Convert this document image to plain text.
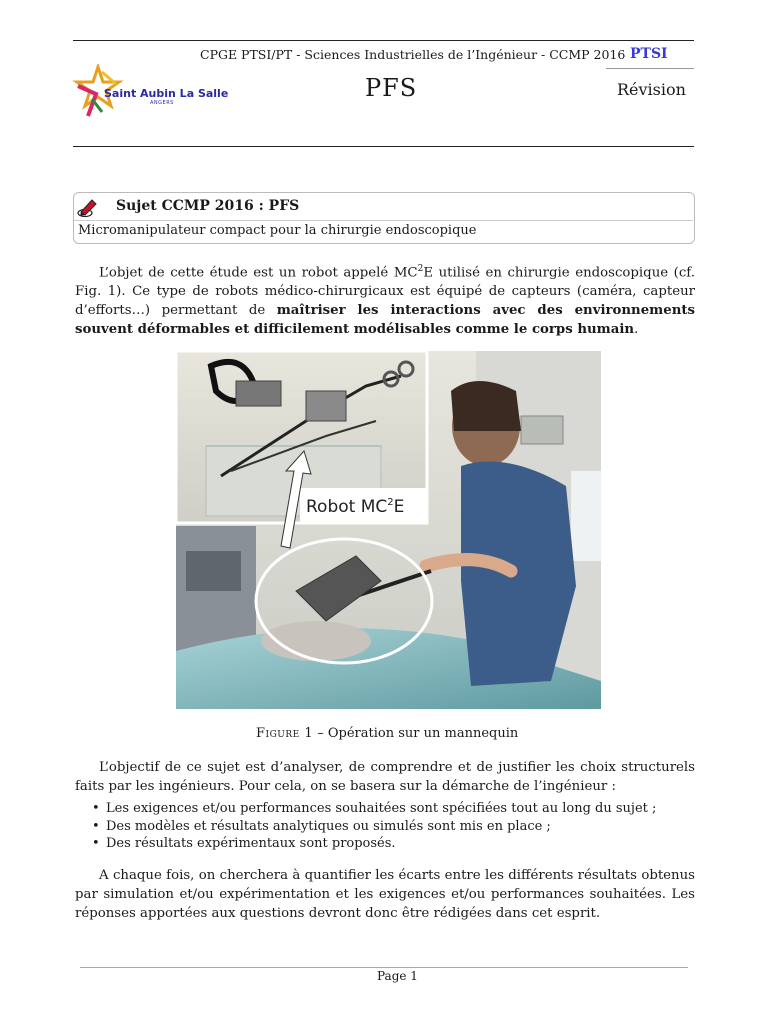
CPGE PTSI/PT - Sciences Industrielles de l’Ingénieur - CCMP 2016 PTSI
Saint Aubin La Salle
ANGERS
PFS	Révision
Sujet CCMP 2016 : PFS
Micromanipulateur compact pour la chirurgie endoscopique
L’objet de cette étude est un robot appelé $MC^2E$ utilisé en chirurgie endoscopique (cf. Fig. 1). Ce type de robots médico-chirurgicaux est équipé de capteurs (caméra, capteur d’efforts…) permettant de maîtriser les interactions avec des environnements souvent déformables et difficilement modélisables comme le corps humain.
Robot $MC^2E$
Figure 1 – Opération sur un mannequin
L’objectif de ce sujet est d’analyser, de comprendre et de justifier les choix structurels faits par les ingénieurs. Pour cela, on se basera sur la démarche de l’ingénieur :
• Les exigences et/ou performances souhaitées sont spécifiées tout au long du sujet ;
• Des modèles et résultats analytiques ou simulés sont mis en place ;
• Des résultats expérimentaux sont proposés.
A chaque fois, on cherchera à quantifier les écarts entre les différents résultats obtenus par simulation et/ou expérimentation et les exigences et/ou performances souhaitées. Les réponses apportées aux questions devront donc être rédigées dans cet esprit.
Page 1
